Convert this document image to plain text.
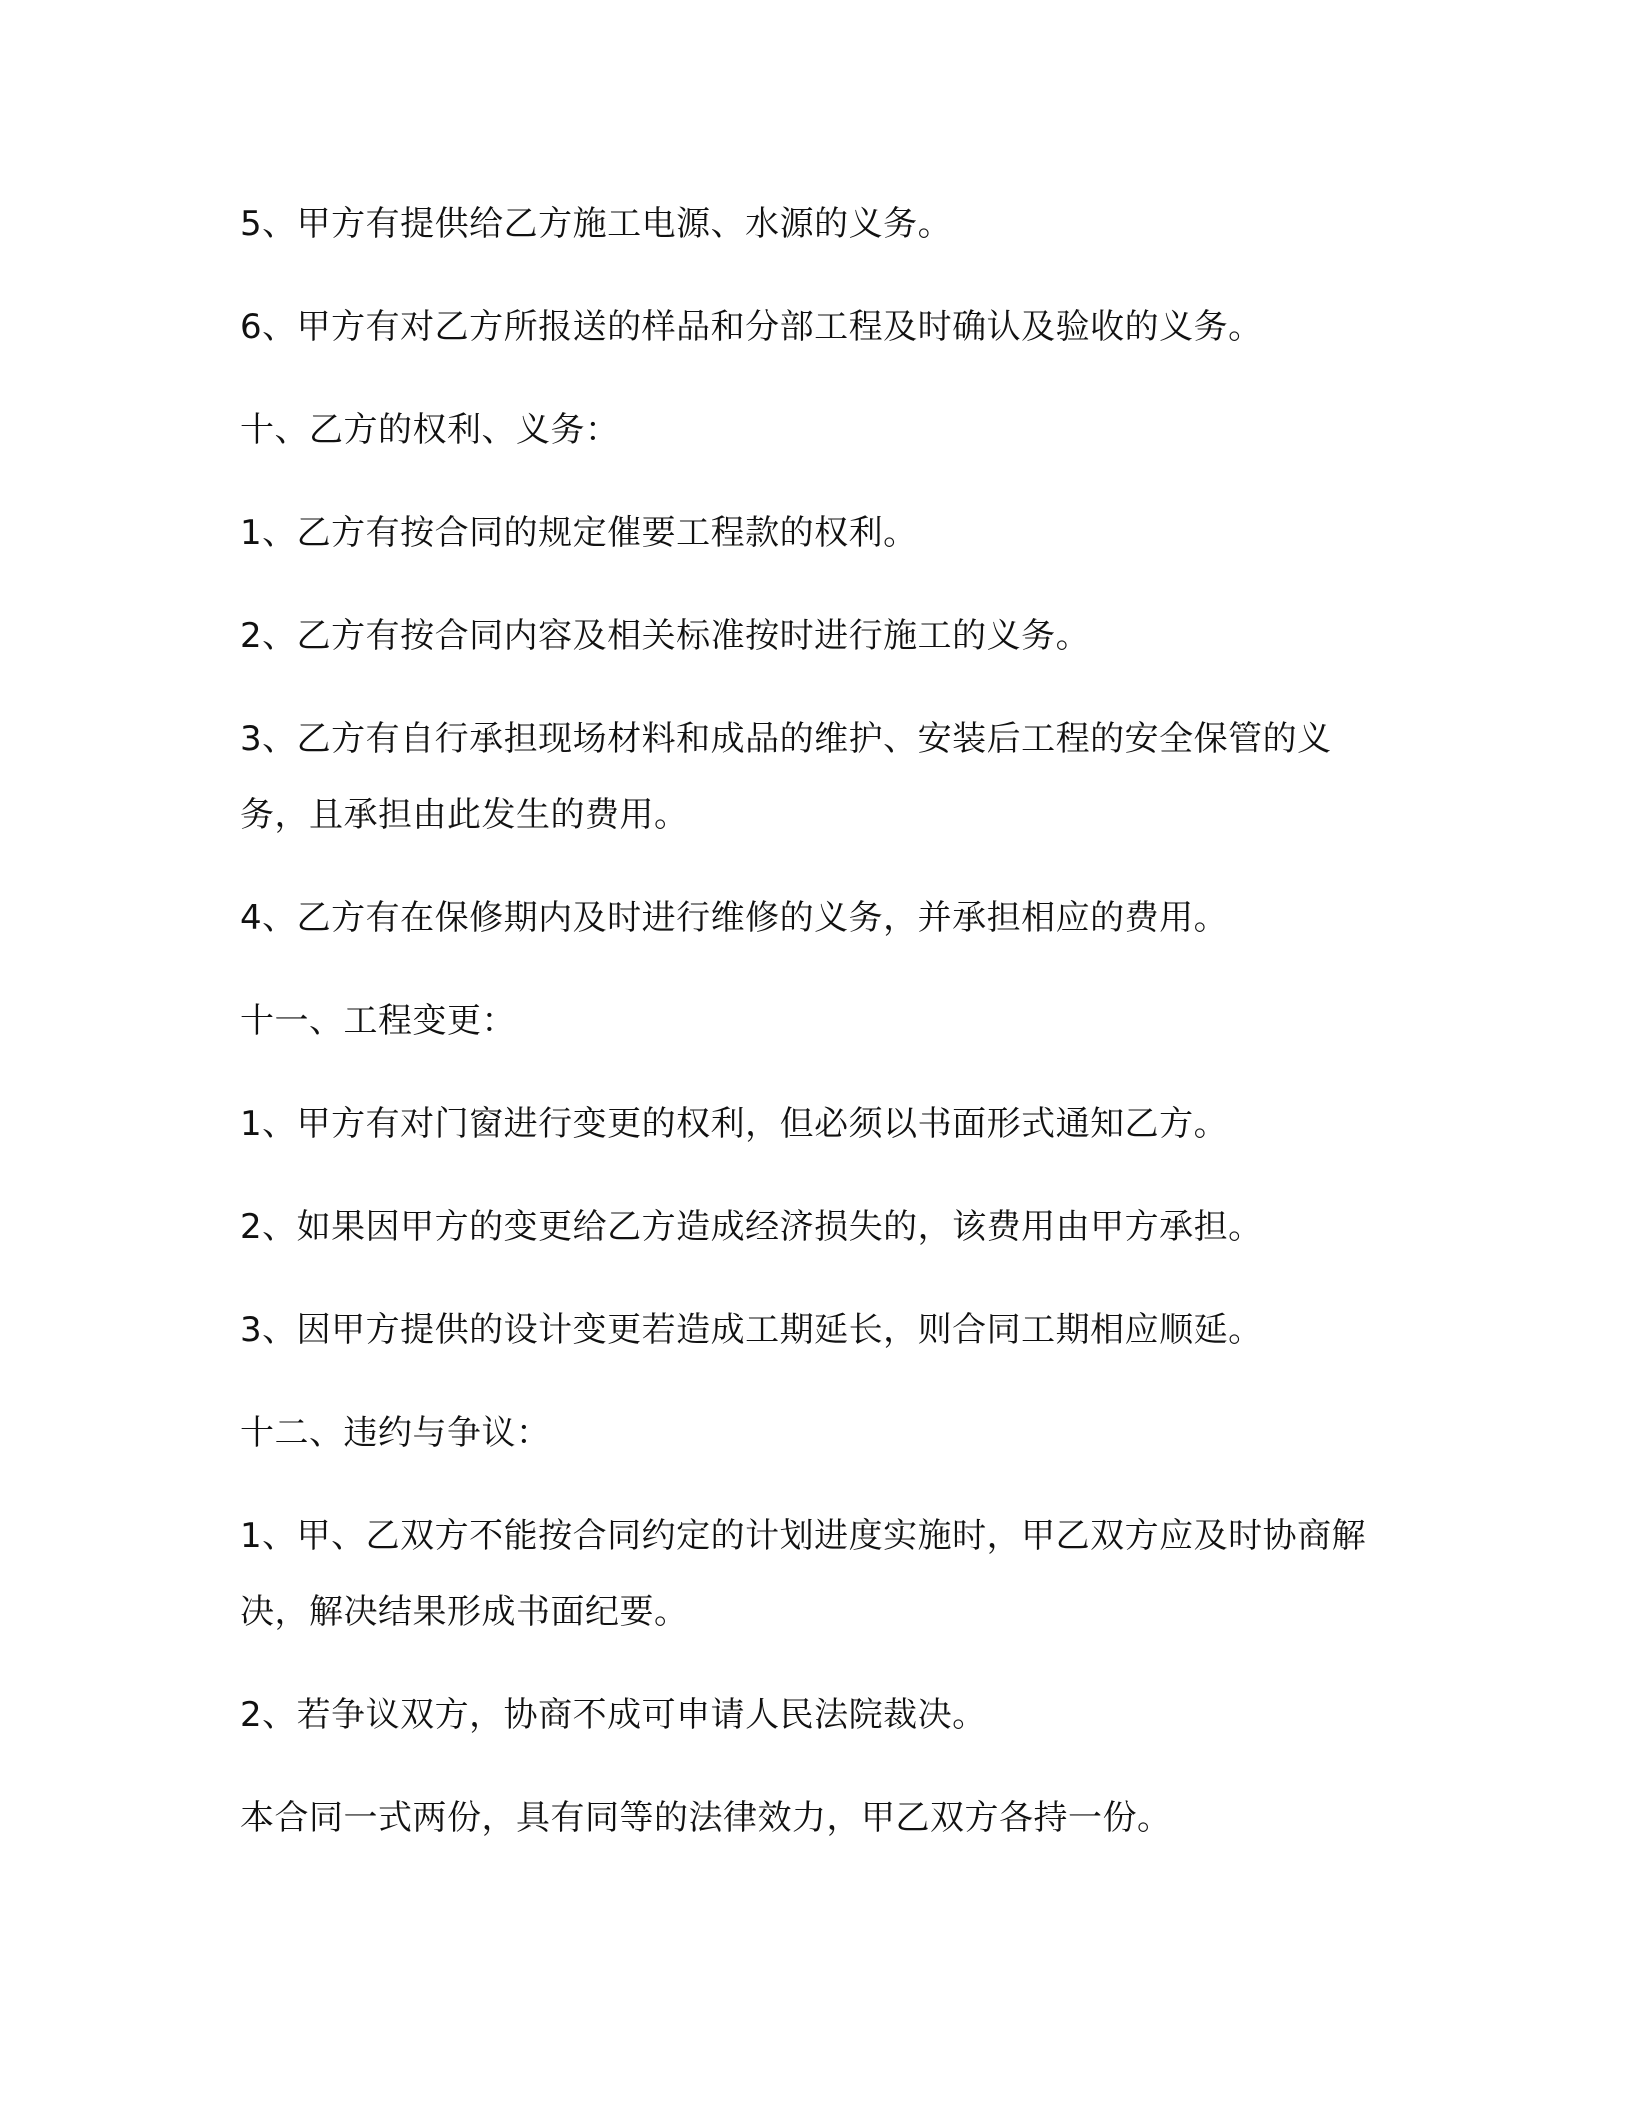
5、甲方有提供给乙方施工电源、水源的义务。

6、甲方有对乙方所报送的样品和分部工程及时确认及验收的义务。

十、乙方的权利、义务：

1、乙方有按合同的规定催要工程款的权利。

2、乙方有按合同内容及相关标准按时进行施工的义务。

3、乙方有自行承担现场材料和成品的维护、安装后工程的安全保管的义务，且承担由此发生的费用。

4、乙方有在保修期内及时进行维修的义务，并承担相应的费用。

十一、工程变更：

1、甲方有对门窗进行变更的权利，但必须以书面形式通知乙方。

2、如果因甲方的变更给乙方造成经济损失的，该费用由甲方承担。

3、因甲方提供的设计变更若造成工期延长，则合同工期相应顺延。

十二、违约与争议：

1、甲、乙双方不能按合同约定的计划进度实施时，甲乙双方应及时协商解决，解决结果形成书面纪要。

2、若争议双方，协商不成可申请人民法院裁决。

本合同一式两份，具有同等的法律效力，甲乙双方各持一份。
